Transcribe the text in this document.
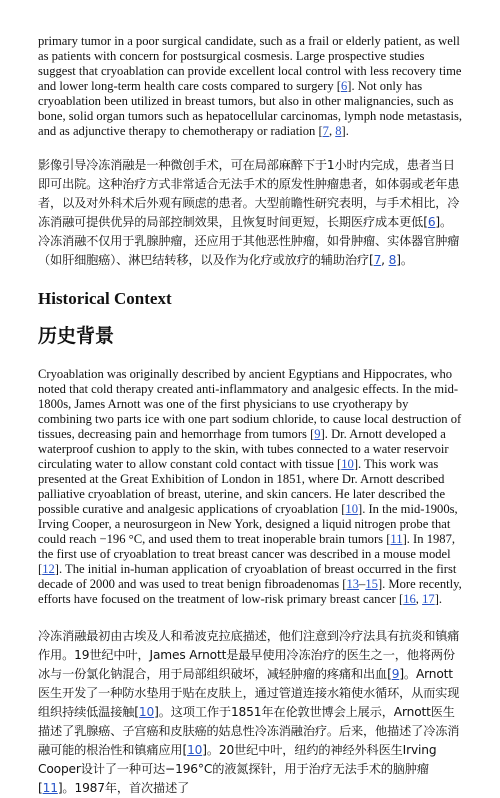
primary tumor in a poor surgical candidate, such as a frail or elderly patient, as well as patients with concern for postsurgical cosmesis. Large prospective studies suggest that cryoablation can provide excellent local control with less recovery time and lower long-term health care costs compared to surgery [6]. Not only has cryoablation been utilized in breast tumors, but also in other malignancies, such as bone, solid organ tumors such as hepatocellular carcinomas, lymph node metastasis, and as adjunctive therapy to chemotherapy or radiation [7, 8].

影像引导冷冻消融是一种微创手术，可在局部麻醉下于1小时内完成，患者当日即可出院。这种治疗方式非常适合无法手术的原发性肿瘤患者，如体弱或老年患者，以及对外科术后外观有顾虑的患者。大型前瞻性研究表明，与手术相比，冷冻消融可提供优异的局部控制效果，且恢复时间更短，长期医疗成本更低[6]。冷冻消融不仅用于乳腺肿瘤，还应用于其他恶性肿瘤，如骨肿瘤、实体器官肿瘤（如肝细胞癌）、淋巴结转移，以及作为化疗或放疗的辅助治疗[7, 8]。

Historical Context
历史背景

Cryoablation was originally described by ancient Egyptians and Hippocrates, who noted that cold therapy created anti-inflammatory and analgesic effects. In the mid-1800s, James Arnott was one of the first physicians to use cryotherapy by combining two parts ice with one part sodium chloride, to cause local destruction of tissues, decreasing pain and hemorrhage from tumors [9]. Dr. Arnott developed a waterproof cushion to apply to the skin, with tubes connected to a water reservoir circulating water to allow constant cold contact with tissue [10]. This work was presented at the Great Exhibition of London in 1851, where Dr. Arnott described palliative cryoablation of breast, uterine, and skin cancers. He later described the possible curative and analgesic applications of cryoablation [10]. In the mid-1900s, Irving Cooper, a neurosurgeon in New York, designed a liquid nitrogen probe that could reach −196 °C, and used them to treat inoperable brain tumors [11]. In 1987, the first use of cryoablation to treat breast cancer was described in a mouse model [12]. The initial in-human application of cryoablation of breast occurred in the first decade of 2000 and was used to treat benign fibroadenomas [13–15]. More recently, efforts have focused on the treatment of low-risk primary breast cancer [16, 17].

冷冻消融最初由古埃及人和希波克拉底描述，他们注意到冷疗法具有抗炎和镇痛作用。19世纪中叶，James Arnott是最早使用冷冻治疗的医生之一，他将两份冰与一份氯化钠混合，用于局部组织破坏，减轻肿瘤的疼痛和出血[9]。Arnott医生开发了一种防水垫用于贴在皮肤上，通过管道连接水箱使水循环，从而实现组织持续低温接触[10]。这项工作于1851年在伦敦世博会上展示，Arnott医生描述了乳腺癌、子宫癌和皮肤癌的姑息性冷冻消融治疗。后来，他描述了冷冻消融可能的根治性和镇痛应用[10]。20世纪中叶，纽约的神经外科医生Irving Cooper设计了一种可达−196°C的液氮探针，用于治疗无法手术的脑肿瘤[11]。1987年，首次描述了
